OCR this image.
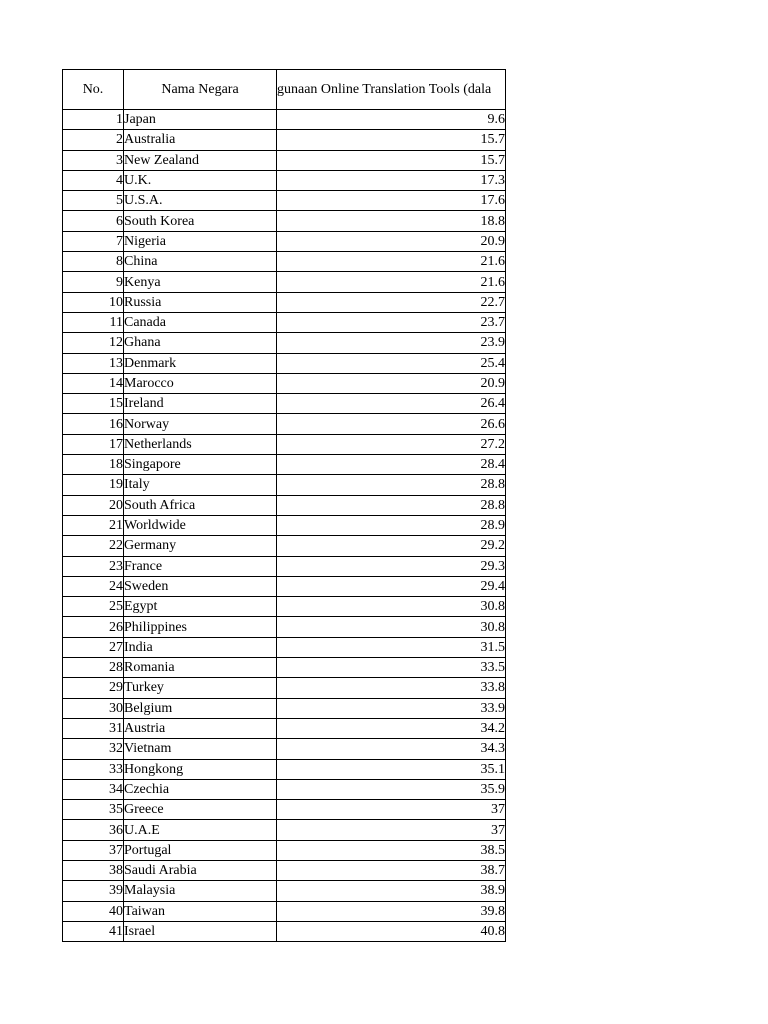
No.	Nama Negara	gunaan Online Translation Tools (dala

1	Japan	9.6
2	Australia	15.7
3	New Zealand	15.7
4	U.K.	17.3
5	U.S.A.	17.6
6	South Korea	18.8
7	Nigeria	20.9
8	China	21.6
9	Kenya	21.6
10	Russia	22.7
11	Canada	23.7
12	Ghana	23.9
13	Denmark	25.4
14	Marocco	20.9
15	Ireland	26.4
16	Norway	26.6
17	Netherlands	27.2
18	Singapore	28.4
19	Italy	28.8
20	South Africa	28.8
21	Worldwide	28.9
22	Germany	29.2
23	France	29.3
24	Sweden	29.4
25	Egypt	30.8
26	Philippines	30.8
27	India	31.5
28	Romania	33.5
29	Turkey	33.8
30	Belgium	33.9
31	Austria	34.2
32	Vietnam	34.3
33	Hongkong	35.1
34	Czechia	35.9
35	Greece	37
36	U.A.E	37
37	Portugal	38.5
38	Saudi Arabia	38.7
39	Malaysia	38.9
40	Taiwan	39.8
41	Israel	40.8
